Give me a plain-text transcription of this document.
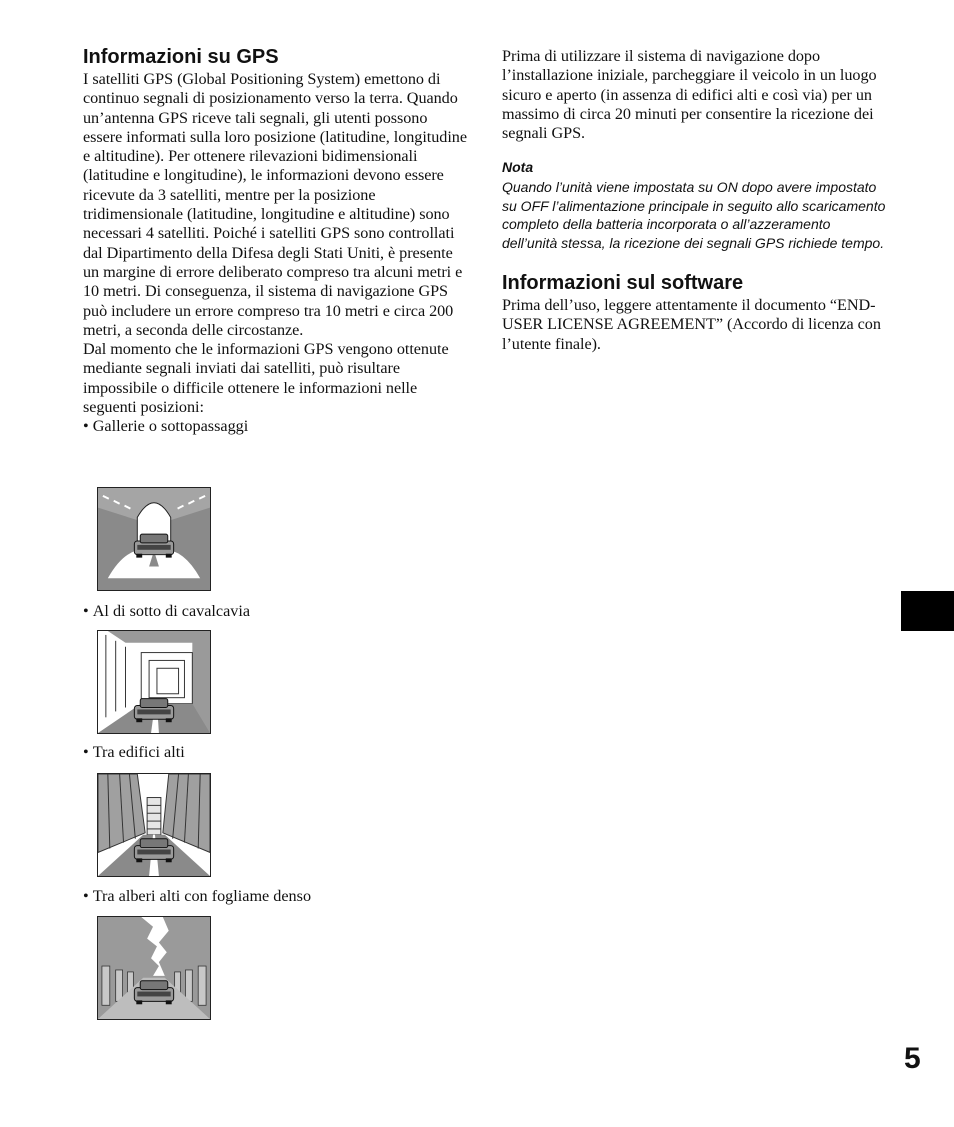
Informazioni su GPS

I satelliti GPS (Global Positioning System) emettono di continuo segnali di posizionamento verso la terra. Quando un’antenna GPS riceve tali segnali, gli utenti possono essere informati sulla loro posizione (latitudine, longitudine e altitudine). Per ottenere rilevazioni bidimensionali (latitudine e longitudine), le informazioni devono essere ricevute da 3 satelliti, mentre per la posizione tridimensionale (latitudine, longitudine e altitudine) sono necessari 4 satelliti. Poiché i satelliti GPS sono controllati dal Dipartimento della Difesa degli Stati Uniti, è presente un margine di errore deliberato compreso tra alcuni metri e 10 metri. Di conseguenza, il sistema di navigazione GPS può includere un errore compreso tra 10 metri e circa 200 metri, a seconda delle circostanze.

Dal momento che le informazioni GPS vengono ottenute mediante segnali inviati dai satelliti, può risultare impossibile o difficile ottenere le informazioni nelle seguenti posizioni:

• Gallerie o sottopassaggi

• Al di sotto di cavalcavia

• Tra edifici alti

• Tra alberi alti con fogliame denso

Prima di utilizzare il sistema di navigazione dopo l’installazione iniziale, parcheggiare il veicolo in un luogo sicuro e aperto (in assenza di edifici alti e così via) per un massimo di circa 20 minuti per consentire la ricezione dei segnali GPS.

Nota

Quando l’unità viene impostata su ON dopo avere impostato su OFF l’alimentazione principale in seguito allo scaricamento completo della batteria incorporata o all’azzeramento dell’unità stessa, la ricezione dei segnali GPS richiede tempo.

Informazioni sul software

Prima dell’uso, leggere attentamente il documento “END-USER LICENSE AGREEMENT” (Accordo di licenza con l’utente finale).

5
